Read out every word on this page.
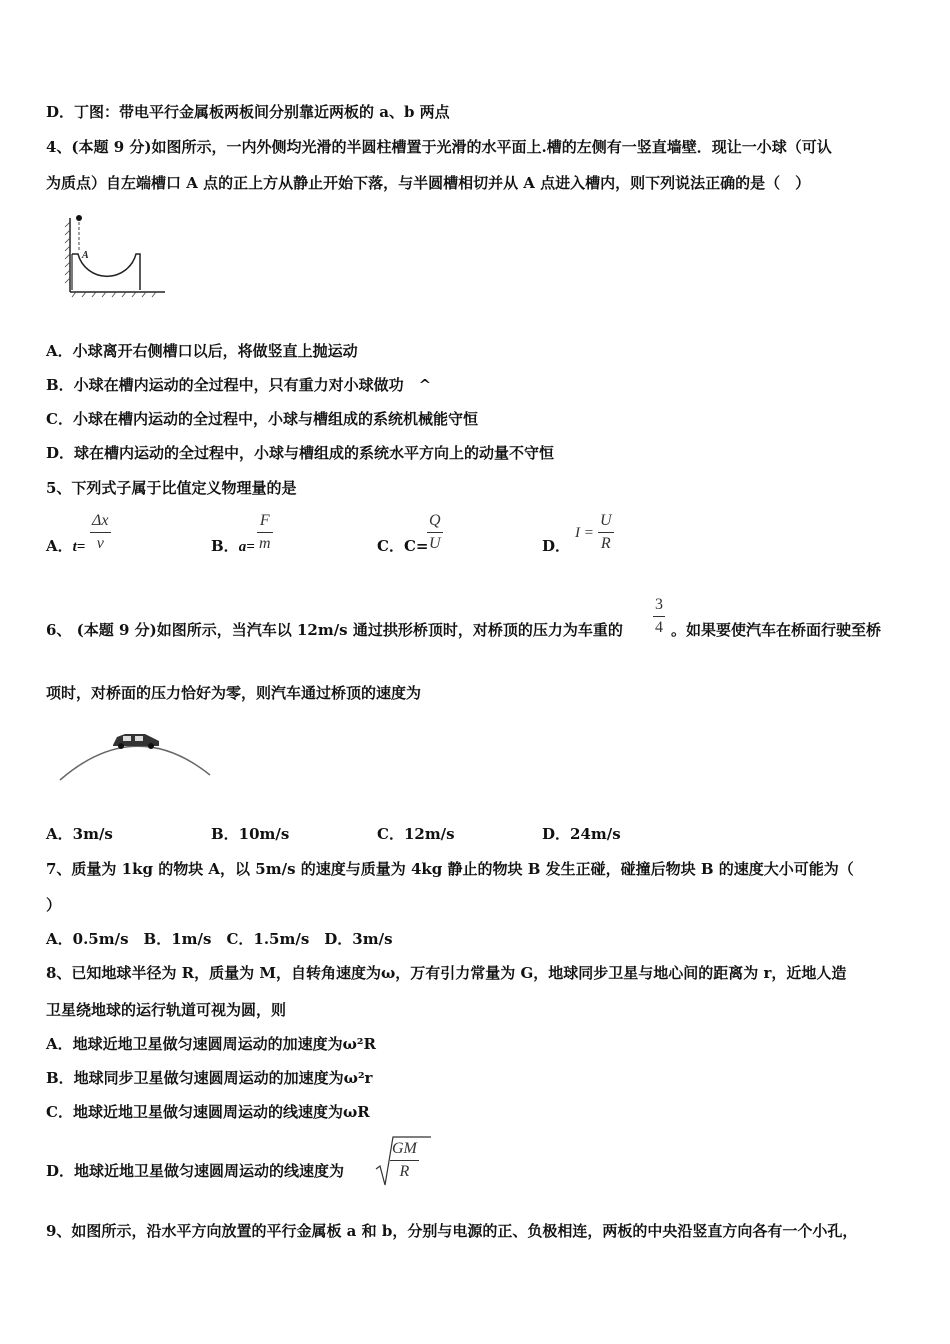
D．丁图：带电平行金属板两板间分别靠近两板的 a、b 两点
4、(本题 9 分)如图所示，一内外侧均光滑的半圆柱槽置于光滑的水平面上.槽的左侧有一竖直墙壁．现让一小球（可认
为质点）自左端槽口 A 点的正上方从静止开始下落，与半圆槽相切并从 A 点进入槽内，则下列说法正确的是（　）
A
A．小球离开右侧槽口以后，将做竖直上抛运动
B．小球在槽内运动的全过程中，只有重力对小球做功　^
C．小球在槽内运动的全过程中，小球与槽组成的系统机械能守恒
D．球在槽内运动的全过程中，小球与槽组成的系统水平方向上的动量不守恒
5、下列式子属于比值定义物理量的是
A．t=
Δx
v	B．a=
F
m	C．C=
Q
U	D．
I =
U
R
6、 (本题 9 分)如图所示，当汽车以 12m/s 通过拱形桥顶时，对桥顶的压力为车重的
3
4 。如果要使汽车在桥面行驶至桥
项时，对桥面的压力恰好为零，则汽车通过桥顶的速度为
A．3m/s	B．10m/s	C．12m/s	D．24m/s
7、质量为 1kg 的物块 A，以 5m/s 的速度与质量为 4kg 静止的物块 B 发生正碰，碰撞后物块 B 的速度大小可能为（
）
A．0.5m/s　B．1m/s　C．1.5m/s　D．3m/s
8、已知地球半径为 R，质量为 M，自转角速度为ω，万有引力常量为 G，地球同步卫星与地心间的距离为 r，近地人造
卫星绕地球的运行轨道可视为圆，则
A．地球近地卫星做匀速圆周运动的加速度为ω²R
B．地球同步卫星做匀速圆周运动的加速度为ω²r
C．地球近地卫星做匀速圆周运动的线速度为ωR
D．地球近地卫星做匀速圆周运动的线速度为
GM
R
9、如图所示，沿水平方向放置的平行金属板 a 和 b，分别与电源的正、负极相连，两板的中央沿竖直方向各有一个小孔，
